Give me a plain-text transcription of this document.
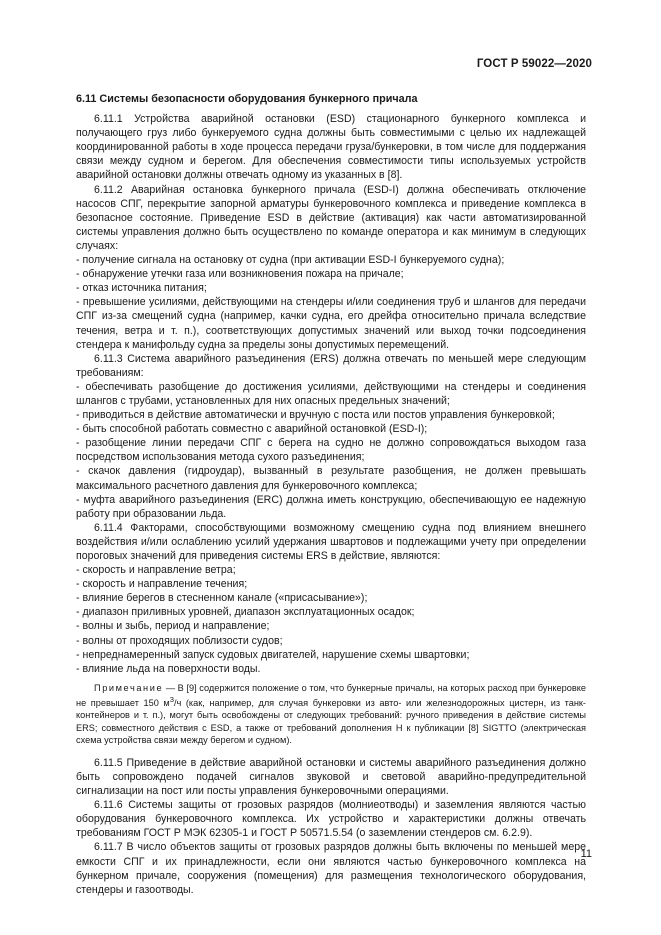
ГОСТ Р 59022—2020

6.11 Системы безопасности оборудования бункерного причала

6.11.1 Устройства аварийной остановки (ESD) стационарного бункерного комплекса и получающего груз либо бункеруемого судна должны быть совместимыми с целью их надлежащей координированной работы в ходе процесса передачи груза/бункеровки, в том числе для поддержания связи между судном и берегом. Для обеспечения совместимости типы используемых устройств аварийной остановки должны отвечать одному из указанных в [8].

6.11.2 Аварийная остановка бункерного причала (ESD-I) должна обеспечивать отключение насосов СПГ, перекрытие запорной арматуры бункеровочного комплекса и приведение комплекса в безопасное состояние. Приведение ESD в действие (активация) как части автоматизированной системы управления должно быть осуществлено по команде оператора и как минимум в следующих случаях:

- получение сигнала на остановку от судна (при активации ESD-I бункеруемого судна);

- обнаружение утечки газа или возникновения пожара на причале;

- отказ источника питания;

- превышение усилиями, действующими на стендеры и/или соединения труб и шлангов для передачи СПГ из-за смещений судна (например, качки судна, его дрейфа относительно причала вследствие течения, ветра и т. п.), соответствующих допустимых значений или выход точки подсоединения стендера к манифольду судна за пределы зоны допустимых перемещений.

6.11.3 Система аварийного разъединения (ERS) должна отвечать по меньшей мере следующим требованиям:

- обеспечивать разобщение до достижения усилиями, действующими на стендеры и соединения шлангов с трубами, установленных для них опасных предельных значений;

- приводиться в действие автоматически и вручную с поста или постов управления бункеровкой;

- быть способной работать совместно с аварийной остановкой (ESD-I);

- разобщение линии передачи СПГ с берега на судно не должно сопровождаться выходом газа посредством использования метода сухого разъединения;

- скачок давления (гидроудар), вызванный в результате разобщения, не должен превышать максимального расчетного давления для бункеровочного комплекса;

- муфта аварийного разъединения (ERC) должна иметь конструкцию, обеспечивающую ее надежную работу при образовании льда.

6.11.4 Факторами, способствующими возможному смещению судна под влиянием внешнего воздействия и/или ослаблению усилий удержания швартовов и подлежащими учету при определении пороговых значений для приведения системы ERS в действие, являются:

- скорость и направление ветра;

- скорость и направление течения;

- влияние берегов в стесненном канале («присасывание»);

- диапазон приливных уровней, диапазон эксплуатационных осадок;

- волны и зыбь, период и направление;

- волны от проходящих поблизости судов;

- непреднамеренный запуск судовых двигателей, нарушение схемы швартовки;

- влияние льда на поверхности воды.

Примечание — В [9] содержится положение о том, что бункерные причалы, на которых расход при бункеровке не превышает 150 $м^3/ч$ (как, например, для случая бункеровки из авто- или железнодорожных цистерн, из танк-контейнеров и т. п.), могут быть освобождены от следующих требований: ручного приведения в действие системы ERS; совместного действия с ESD, а также от требований дополнения Н к публикации [8] SIGTTO (электрическая схема устройства связи между берегом и судном).

6.11.5 Приведение в действие аварийной остановки и системы аварийного разъединения должно быть сопровождено подачей сигналов звуковой и световой аварийно-предупредительной сигнализации на пост или посты управления бункеровочными операциями.

6.11.6 Системы защиты от грозовых разрядов (молниеотводы) и заземления являются частью оборудования бункеровочного комплекса. Их устройство и характеристики должны отвечать требованиям ГОСТ Р МЭК 62305-1 и ГОСТ Р 50571.5.54 (о заземлении стендеров см. 6.2.9).

6.11.7 В число объектов защиты от грозовых разрядов должны быть включены по меньшей мере емкости СПГ и их принадлежности, если они являются частью бункеровочного комплекса на бункерном причале, сооружения (помещения) для размещения технологического оборудования, стендеры и газоотводы.

11
